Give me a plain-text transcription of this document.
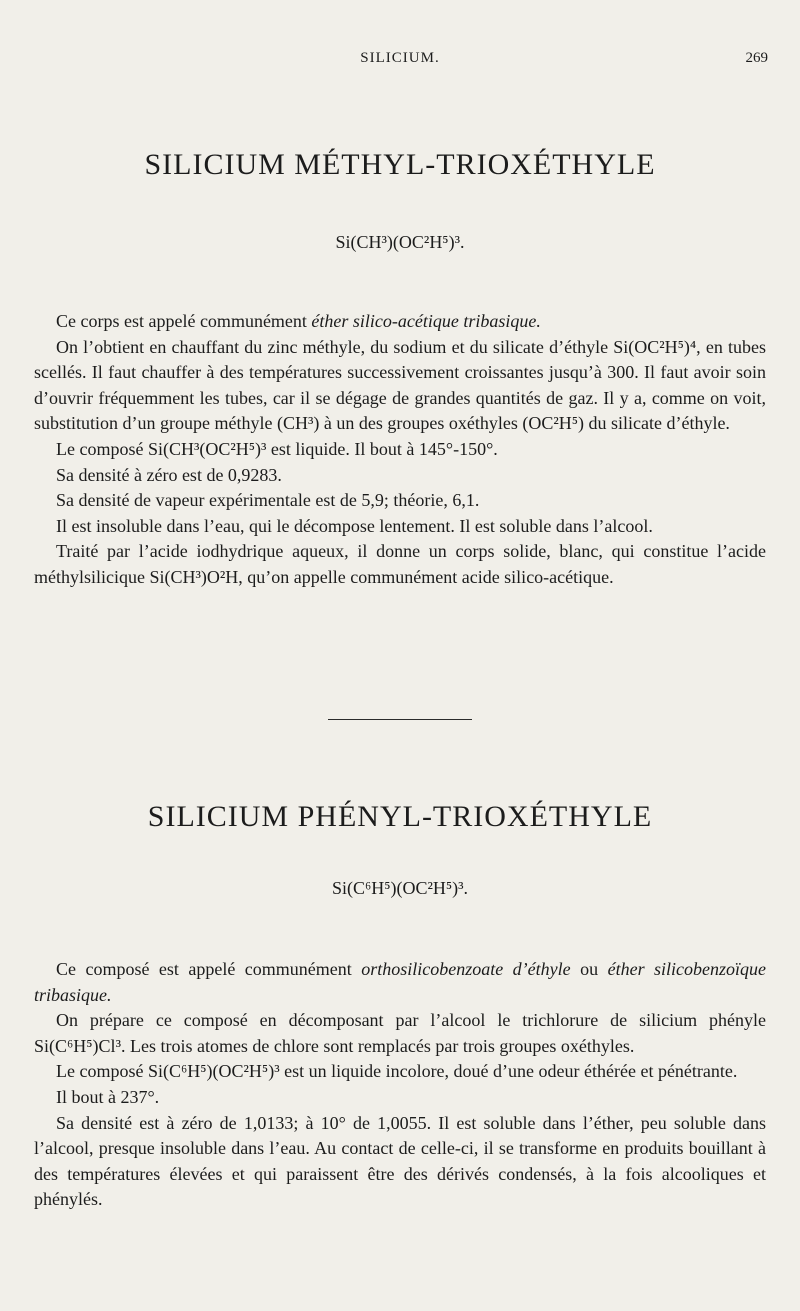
SILICIUM.	269
SILICIUM MÉTHYL-TRIOXÉTHYLE
Si(CH³)(OC²H⁵)³.

Ce corps est appelé communément éther silico-acétique tribasique.

On l’obtient en chauffant du zinc méthyle, du sodium et du silicate d’éthyle Si(OC²H⁵)⁴, en tubes scellés. Il faut chauffer à des températures successivement croissantes jusqu’à 300. Il faut avoir soin d’ouvrir fréquemment les tubes, car il se dégage de grandes quantités de gaz. Il y a, comme on voit, substitution d’un groupe méthyle (CH³) à un des groupes oxéthyles (OC²H⁵) du silicate d’éthyle.

Le composé Si(CH³(OC²H⁵)³ est liquide. Il bout à 145°-150°.

Sa densité à zéro est de 0,9283.

Sa densité de vapeur expérimentale est de 5,9; théorie, 6,1.

Il est insoluble dans l’eau, qui le décompose lentement. Il est soluble dans l’alcool.

Traité par l’acide iodhydrique aqueux, il donne un corps solide, blanc, qui constitue l’acide méthylsilicique Si(CH³)O²H, qu’on appelle communément acide silico-acétique.

SILICIUM PHÉNYL-TRIOXÉTHYLE
Si(C⁶H⁵)(OC²H⁵)³.

Ce composé est appelé communément orthosilicobenzoate d’éthyle ou éther silicobenzoïque tribasique.

On prépare ce composé en décomposant par l’alcool le trichlorure de silicium phényle Si(C⁶H⁵)Cl³. Les trois atomes de chlore sont remplacés par trois groupes oxéthyles.

Le composé Si(C⁶H⁵)(OC²H⁵)³ est un liquide incolore, doué d’une odeur éthérée et pénétrante.

Il bout à 237°.

Sa densité est à zéro de 1,0133; à 10° de 1,0055. Il est soluble dans l’éther, peu soluble dans l’alcool, presque insoluble dans l’eau. Au contact de celle-ci, il se transforme en produits bouillant à des températures élevées et qui paraissent être des dérivés condensés, à la fois alcooliques et phénylés.
